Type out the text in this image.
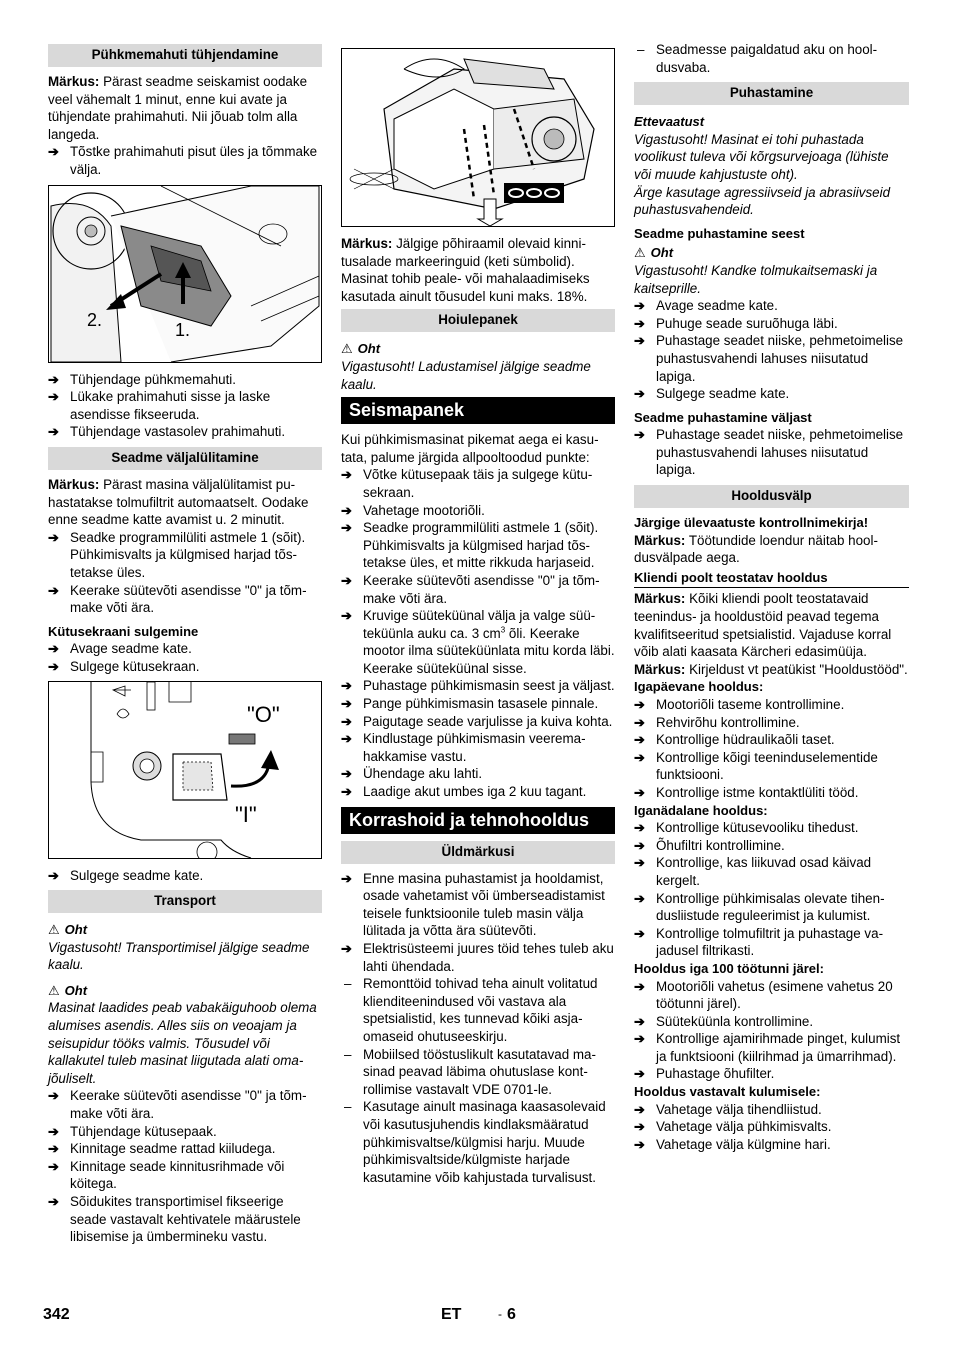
Pühkmemahuti tühjendamine

Märkus: Pärast seadme seiskamist oodake veel vähemalt 1 minut, enne kui avate ja tühjendate prahimahuti. Nii jõuab tolm alla langeda.

➔ Tõstke prahimahuti pisut üles ja tõmmake välja.
2.	1.
➔ Tühjendage pühkmemahuti.
➔ Lükake prahimahuti sisse ja laske asendisse fikseeruda.
➔ Tühjendage vastasolev prahimahuti.
Seadme väljalülitamine

Märkus: Pärast masina väljalülitamist puhastatakse tolmufiltrit automaatselt. Oodake enne seadme katte avamist u. 2 minutit.

➔ Seadke programmilüliti astmele 1 (sõit). Pühkimisvalts ja külgmised harjad tõstetakse üles.
➔ Keerake süütevõti asendisse "0" ja tõmmake võti ära.
Kütusekraani sulgemine
➔ Avage seadme kate.
➔ Sulgege kütusekraan.
"O"
"I"
➔ Sulgege seadme kate.
Transport
⚠ Oht

Vigastusoht! Transportimisel jälgige seadme kaalu.

⚠ Oht

Masinat laadides peab vabakäiguhoob olema alumises asendis. Alles siis on veoajam ja seisupidur tööks valmis. Tõusudel või kallakutel tuleb masinat liigutada alati omajõuliselt.

➔ Keerake süütevõti asendisse "0" ja tõmmake võti ära.
➔ Tühjendage kütusepaak.
➔ Kinnitage seadme rattad kiiludega.
➔ Kinnitage seade kinnitusrihmade või köitega.
➔ Sõidukites transportimisel fikseerige seade vastavalt kehtivatele määrustele libisemise ja ümbermineku vastu.

Märkus: Jälgige põhiraamil olevaid kinnitusalade markeeringuid (keti sümbolid). Masinat tohib peale- või mahalaadimiseks kasutada ainult tõusudel kuni maks. 18%.

Hoiulepanek
⚠ Oht

Vigastusoht! Ladustamisel jälgige seadme kaalu.

Seismapanek

Kui pühkimismasinat pikemat aega ei kasutata, palume järgida allpooltoodud punkte:

➔ Võtke kütusepaak täis ja sulgege kütusekraan.
➔ Vahetage mootoriõli.
➔ Seadke programmilüliti astmele 1 (sõit). Pühkimisvalts ja külgmised harjad tõstetakse üles, et mitte rikkuda harjaseid.
➔ Keerake süütevõti asendisse "0" ja tõmmake võti ära.
➔ Kruvige süüteküünal välja ja valge süüteküünla auku ca. 3 $cm^3$ õli. Keerake mootor ilma süüteküünlata mitu korda läbi. Keerake süüteküünal sisse.
➔ Puhastage pühkimismasin seest ja väljast.
➔ Pange pühkimismasin tasasele pinnale.
➔ Paigutage seade varjulisse ja kuiva kohta.
➔ Kindlustage pühkimismasin veeremahakkamise vastu.
➔ Ühendage aku lahti.
➔ Laadige akut umbes iga 2 kuu tagant.
Korrashoid ja tehnohooldus
Üldmärkusi
➔ Enne masina puhastamist ja hooldamist, osade vahetamist või ümberseadistamist teisele funktsioonile tuleb masin välja lülitada ja võtta ära süütevõti.
➔ Elektrisüsteemi juures töid tehes tuleb aku lahti ühendada.
– Remonttöid tohivad teha ainult volitatud klienditeenindused või vastava ala spetsialistid, kes tunnevad kõiki asjaomaseid ohutuseeskirju.
– Mobiilsed tööstuslikult kasutatavad masinad peavad läbima ohutuslase kontrollimise vastavalt VDE 0701-le.
– Kasutage ainult masinaga kaasasolevaid või kasutusjuhendis kindlaksmääratud pühkimisvaltse/külgmisi harju. Muude pühkimisvaltside/külgmiste harjade kasutamine võib kahjustada turvalisust.
– Seadmesse paigaldatud aku on hooldusvaba.
Puhastamine
Ettevaatust

Vigastusoht! Masinat ei tohi puhastada voolikust tuleva või kõrgsurvejoaga (lühiste või muude kahjustuste oht).

Ärge kasutage agressiivseid ja abrasiivseid puhastusvahendeid.

Seadme puhastamine seest
⚠ Oht

Vigastusoht! Kandke tolmukaitsemaski ja kaitseprille.

➔ Avage seadme kate.
➔ Puhuge seade suruõhuga läbi.
➔ Puhastage seadet niiske, pehmetoimelise puhastusvahendi lahuses niisutatud lapiga.
➔ Sulgege seadme kate.
Seadme puhastamine väljast
➔ Puhastage seadet niiske, pehmetoimelise puhastusvahendi lahuses niisutatud lapiga.
Hooldusvälp
Järgige ülevaatuste kontrollnimekirja!

Märkus: Töötundide loendur näitab hooldusvälpade aega.

Kliendi poolt teostatav hooldus

Märkus: Kõiki kliendi poolt teostatavaid teenindus- ja hooldustöid peavad tegema kvalifitseeritud spetsialistid. Vajaduse korral võib alati kaasata Kärcheri edasimüüja.

Märkus: Kirjeldust vt peatükist "Hooldustööd".

Igapäevane hooldus:
➔ Mootoriõli taseme kontrollimine.
➔ Rehvirõhu kontrollimine.
➔ Kontrollige hüdraulikaõli taset.
➔ Kontrollige kõigi teeninduselementide funktsiooni.
➔ Kontrollige istme kontaktlüliti tööd.
Iganädalane hooldus:
➔ Kontrollige kütusevooliku tihedust.
➔ Õhufiltri kontrollimine.
➔ Kontrollige, kas liikuvad osad käivad kergelt.
➔ Kontrollige pühkimisalas olevate tihendusliistude reguleerimist ja kulumist.
➔ Kontrollige tolmufiltrit ja puhastage vajadusel filtrikasti.
Hooldus iga 100 töötunni järel:
➔ Mootoriõli vahetus (esimene vahetus 20 töötunni järel).
➔ Süüteküünla kontrollimine.
➔ Kontrollige ajamirihmade pinget, kulumist ja funktsiooni (kiilrihmad ja ümarrihmad).
➔ Puhastage õhufilter.
Hooldus vastavalt kulumisele:
➔ Vahetage välja tihendliistud.
➔ Vahetage välja pühkimisvalts.
➔ Vahetage välja külgmine hari.
342	ET	- 6
